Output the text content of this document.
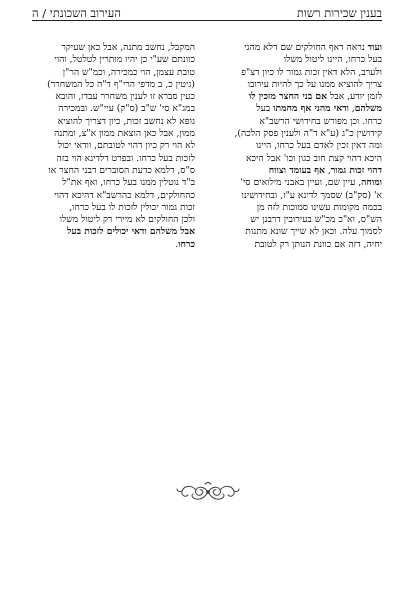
בענין שכירות רשות
העירוב השכונתי / ה
ועוד נראה דאף החולקים שם דלא מהני
בעל כרחו, היינו ליטול משלו
ולערב, הלא דאין זכות גמור לו כיון דצ"פ
צריך להוציא ממנו על כך להיות עירובו
לזמן יודע, אבל אם בני החצר מזכין לו
משלהם, ודאי מהני אף מחמתו בעל
כרחו. וכן מפורש בחידושי הרשב"א
קידושין כ"ג (ע"א ד"ה ולענין פסק הלכה),
ומה דאין זכין לאדם בעל כרחו, היינו
היכא דהוי קצת חוב כגון וכו' אבל היכא
דהוי זכות גמור, אף בעומד וצווח
ומוחה, עיין שם, ועיין באבני מילואים סי'
א' (סק"ב) שסמך לדינא ע"ז, ובחידושינו
בכמה מקומות עשינו סמוכות לזה מן
הש"ס, וא"כ מכ"ש בעירובין דרבנן יש
לסמוך עלה. וכאן לא שייך שונא מתנות
יחיה, דזה אם כוונת הנותן רק לטובת
המקבל, נחשב מתנה, אבל כאן שעיקר
כוונתם שע"י כן יהיו מותרין לטלטל, והוי
טובת עצמן, הוי כמכירה, וכמ"ש הר"ן
(גיטין כ, ב מדפי הרי"ף ד"ה כל המשחרר)
כעין סברא זו לענין משחרר עבדו, והובא
במג"א סי' ש"ב (ס"ק) עיי"ש. ובמכירה
גופא לא נחשב זכות, כיון דצריך להוציא
ממון, אבל כאן הוצאת ממון א"צ, ומתנה
לא הוי רק כיון דהוי לטובתם, וודאי יכול
לזכות בעל כרחו. ובפרט דלדינא הוי בזה
ס"ס, דלמא כדעת הסוברים דבני החצר או
ב"ד נוטלין ממנו בעל כרחו, ואף את"ל
כהחולקים, דלמא כהרשב"א דהיכא דהוי
זכות גמור יכולין לזכות לו בעל כרחו,
ולכן החולקים לא מיירי רק ליטול משלו
אבל משלהם ודאי יכולים לזכות בעל
כרחו.
